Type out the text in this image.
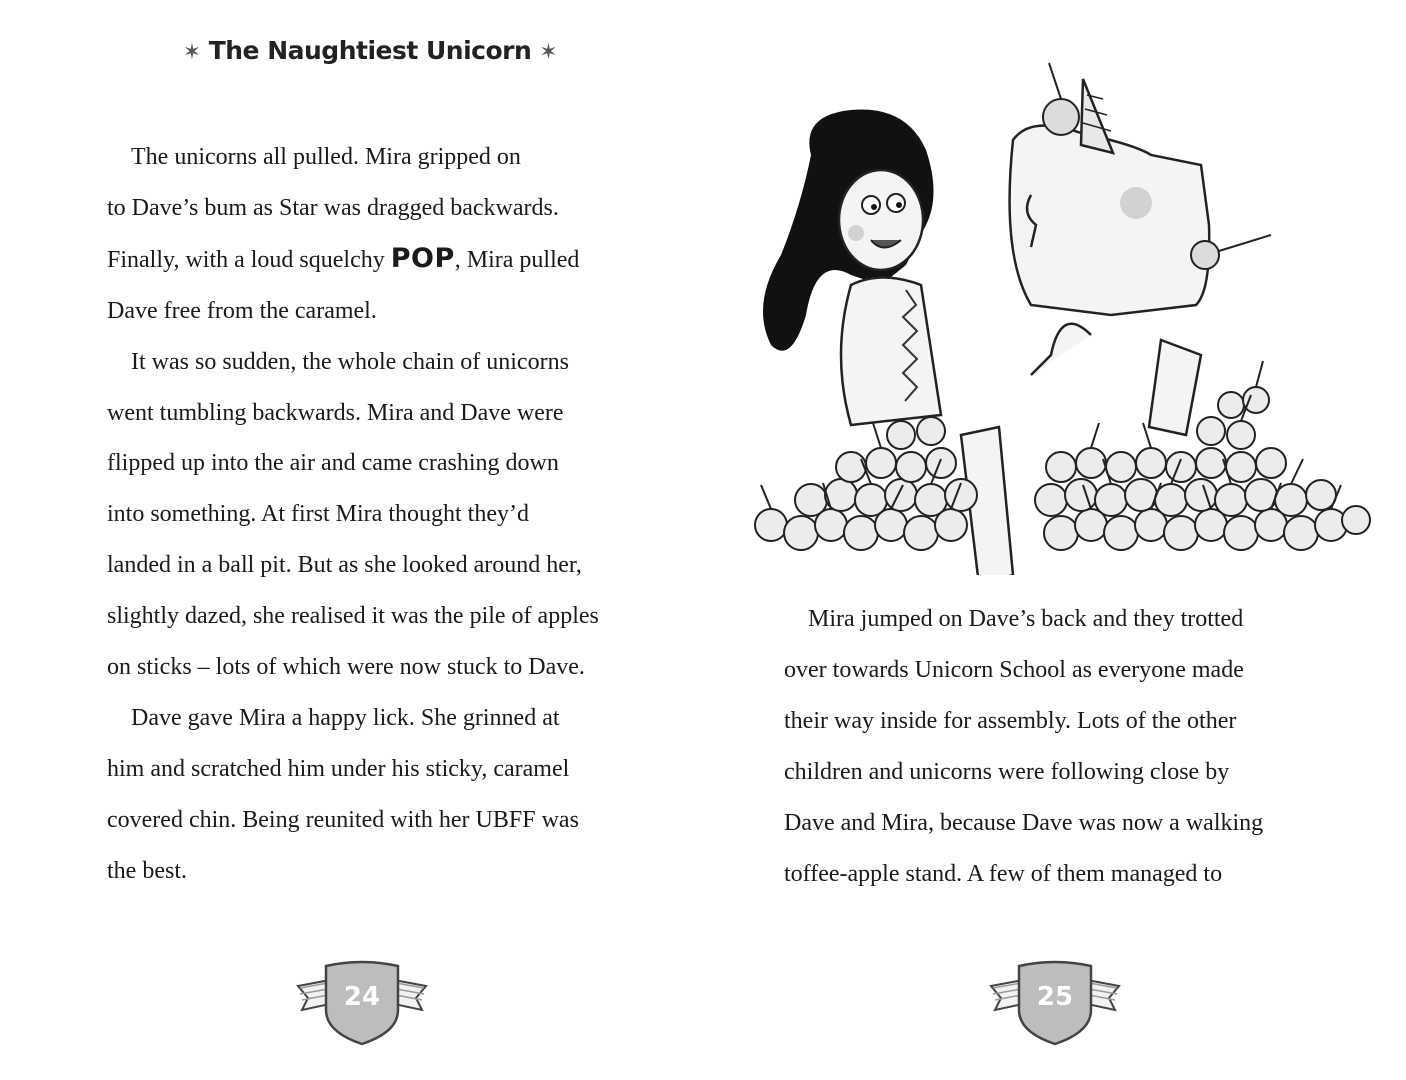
✶ The Naughtiest Unicorn ✶

The unicorns all pulled. Mira gripped on
to Dave’s bum as Star was dragged backwards.
Finally, with a loud squelchy POP, Mira pulled
Dave free from the caramel.

It was so sudden, the whole chain of unicorns
went tumbling backwards. Mira and Dave were
flipped up into the air and came crashing down
into something. At first Mira thought they’d
landed in a ball pit. But as she looked around her,
slightly dazed, she realised it was the pile of apples
on sticks – lots of which were now stuck to Dave.

Dave gave Mira a happy lick. She grinned at
him and scratched him under his sticky, caramel
covered chin. Being reunited with her UBFF was
the best.

24

Mira jumped on Dave’s back and they trotted
over towards Unicorn School as everyone made
their way inside for assembly. Lots of the other
children and unicorns were following close by
Dave and Mira, because Dave was now a walking
toffee-apple stand. A few of them managed to

25
